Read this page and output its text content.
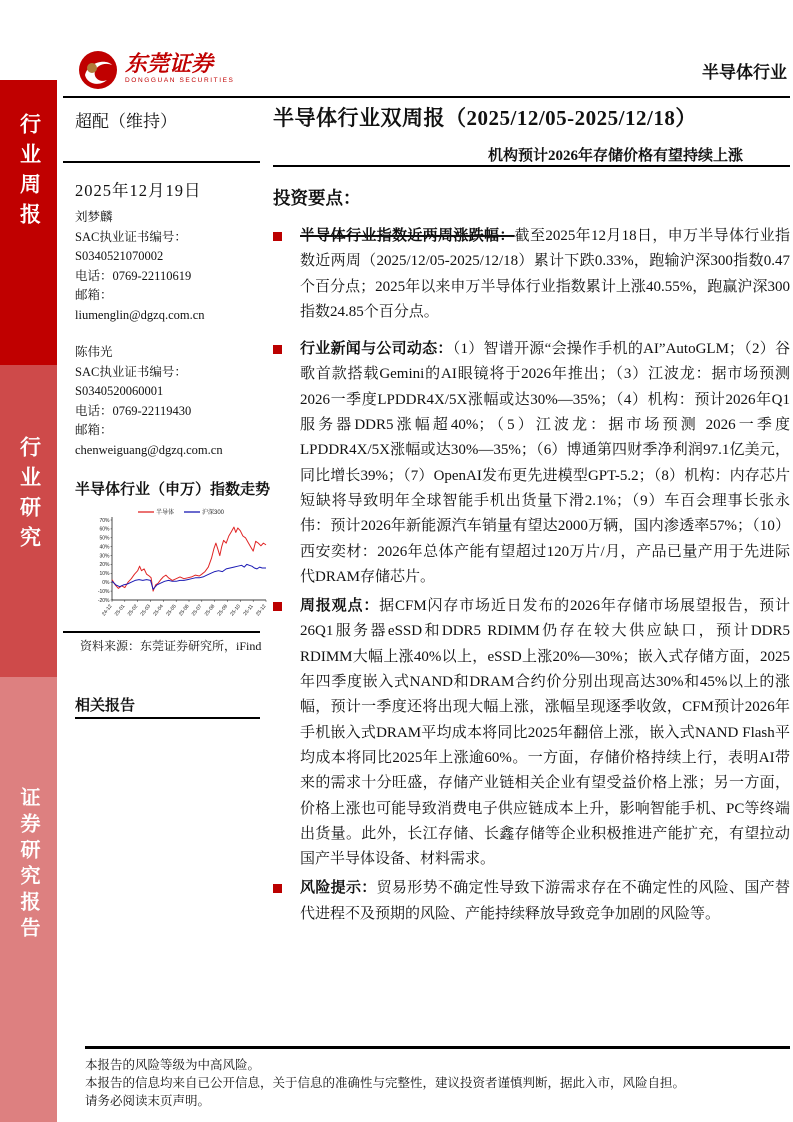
行业周报
行业研究
证券研究报告
东莞证券
DONGGUAN SECURITIES	半导体行业
超配（维持）	半导体行业双周报（2025/12/05-2025/12/18）
机构预计2026年存储价格有望持续上涨
2025年12月19日
刘梦麟
SAC执业证书编号：
S0340521070002
电话：0769-22110619
邮箱：
liumenglin@dgzq.com.cn
陈伟光
SAC执业证书编号：
S0340520060001
电话：0769-22119430
邮箱：
chenweiguang@dgzq.com.cn
半导体行业（申万）指数走势
70%
60%
50%
40%
30%
20%
10%
0%
-10%
-20%
24-12 25-01 25-02 25-03 25-04 25-05 25-06 25-07 25-08 25-09 25-10 25-11 25-12
半导体	沪深300
资料来源：东莞证券研究所，iFind
相关报告
投资要点：

半导体行业指数近两周涨跌幅：截至2025年12月18日，申万半导体行业指数近两周（2025/12/05-2025/12/18）累计下跌0.33%，跑输沪深300指数0.47个百分点；2025年以来申万半导体行业指数累计上涨40.55%，跑赢沪深300指数24.85个百分点。

行业新闻与公司动态：（1）智谱开源“会操作手机的AI”AutoGLM；（2）谷歌首款搭载Gemini的AI眼镜将于2026年推出；（3）江波龙：据市场预测2026一季度LPDDR4X/5X涨幅或达30%—35%；（4）机构：预计2026年Q1服务器DDR5涨幅超40%；（5）江波龙：据市场预测 2026一季度LPDDR4X/5X涨幅或达30%—35%；（6）博通第四财季净利润97.1亿美元，同比增长39%；（7）OpenAI发布更先进模型GPT-5.2；（8）机构：内存芯片短缺将导致明年全球智能手机出货量下滑2.1%；（9）车百会理事长张永伟：预计2026年新能源汽车销量有望达2000万辆，国内渗透率57%；（10）西安奕材：2026年总体产能有望超过120万片/月，产品已量产用于先进际代DRAM存储芯片。

周报观点：据CFM闪存市场近日发布的2026年存储市场展望报告，预计26Q1服务器eSSD和DDR5 RDIMM仍存在较大供应缺口，预计DDR5 RDIMM大幅上涨40%以上，eSSD上涨20%—30%；嵌入式存储方面，2025年四季度嵌入式NAND和DRAM合约价分别出现高达30%和45%以上的涨幅，预计一季度还将出现大幅上涨，涨幅呈现逐季收敛，CFM预计2026年手机嵌入式DRAM平均成本将同比2025年翻倍上涨，嵌入式NAND Flash平均成本将同比2025年上涨逾60%。一方面，存储价格持续上行，表明AI带来的需求十分旺盛，存储产业链相关企业有望受益价格上涨；另一方面，价格上涨也可能导致消费电子供应链成本上升，影响智能手机、PC等终端出货量。此外，长江存储、长鑫存储等企业积极推进产能扩充，有望拉动国产半导体设备、材料需求。

风险提示：贸易形势不确定性导致下游需求存在不确定性的风险、国产替代进程不及预期的风险、产能持续释放导致竞争加剧的风险等。

本报告的风险等级为中高风险。
本报告的信息均来自已公开信息，关于信息的准确性与完整性，建议投资者谨慎判断，据此入市，风险自担。
请务必阅读末页声明。
